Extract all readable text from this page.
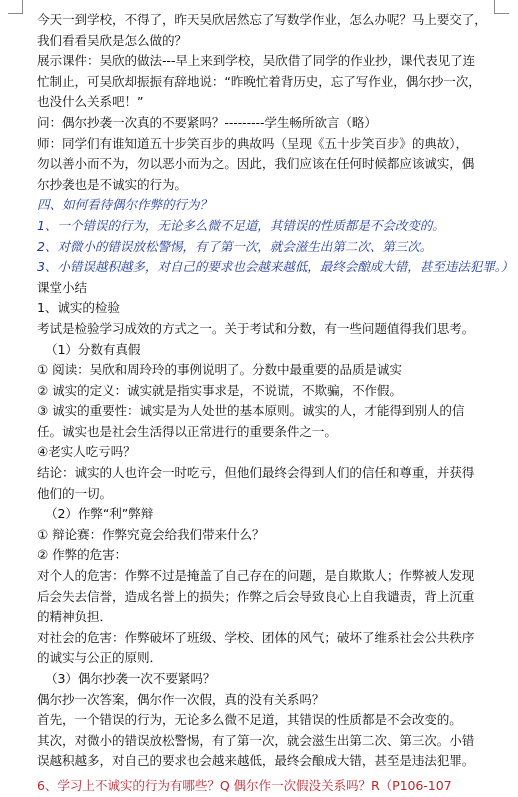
今天一到学校，不得了，昨天吴欣居然忘了写数学作业，怎么办呢？马上要交了，
我们看看吴欣是怎么做的？
展示课件：吴欣的做法---早上来到学校，吴欣借了同学的作业抄，课代表见了连
忙制止，可吴欣却振振有辞地说：“昨晚忙着背历史，忘了写作业，偶尔抄一次，
也没什么关系吧！”
问：偶尔抄袭一次真的不要紧吗？---------学生畅所欲言（略）
师：同学们有谁知道五十步笑百步的典故吗（呈现《五十步笑百步》的典故），
勿以善小而不为，勿以恶小而为之。因此，我们应该在任何时候都应该诚实，偶
尔抄袭也是不诚实的行为。
四、如何看待偶尔作弊的行为？
1、一个错误的行为，无论多么微不足道，其错误的性质都是不会改变的。
2、对微小的错误放松警惕，有了第一次，就会滋生出第二次、第三次。
3、小错误越积越多，对自己的要求也会越来越低，最终会酿成大错，甚至违法犯罪。）
课堂小结
1、诚实的检验
考试是检验学习成效的方式之一。关于考试和分数，有一些问题值得我们思考。
（1）分数有真假
① 阅读：吴欣和周玲玲的事例说明了。分数中最重要的品质是诚实
② 诚实的定义：诚实就是指实事求是，不说谎，不欺骗，不作假。
③ 诚实的重要性：诚实是为人处世的基本原则。诚实的人，才能得到别人的信
任。诚实也是社会生活得以正常进行的重要条件之一。
④老实人吃亏吗？
结论：诚实的人也许会一时吃亏，但他们最终会得到人们的信任和尊重，并获得
他们的一切。
（2）作弊“利”弊辩
① 辩论赛：作弊究竟会给我们带来什么？
② 作弊的危害：
对个人的危害：作弊不过是掩盖了自己存在的问题，是自欺欺人；作弊被人发现
后会失去信誉，造成名誉上的损失；作弊之后会导致良心上自我谴责，背上沉重
的精神负担．
对社会的危害：作弊破坏了班级、学校、团体的风气；破坏了维系社会公共秩序
的诚实与公正的原则．
（3）偶尔抄袭一次不要紧吗？
偶尔抄一次答案，偶尔作一次假，真的没有关系吗？
首先，一个错误的行为，无论多么微不足道，其错误的性质都是不会改变的。
其次，对微小的错误放松警惕，有了第一次，就会滋生出第二次、第三次。小错
误越积越多，对自己的要求也会越来越低，最终会酿成大错，甚至是违法犯罪。
6、学习上不诚实的行为有哪些？Q 偶尔作一次假没关系吗？R（P106-107
